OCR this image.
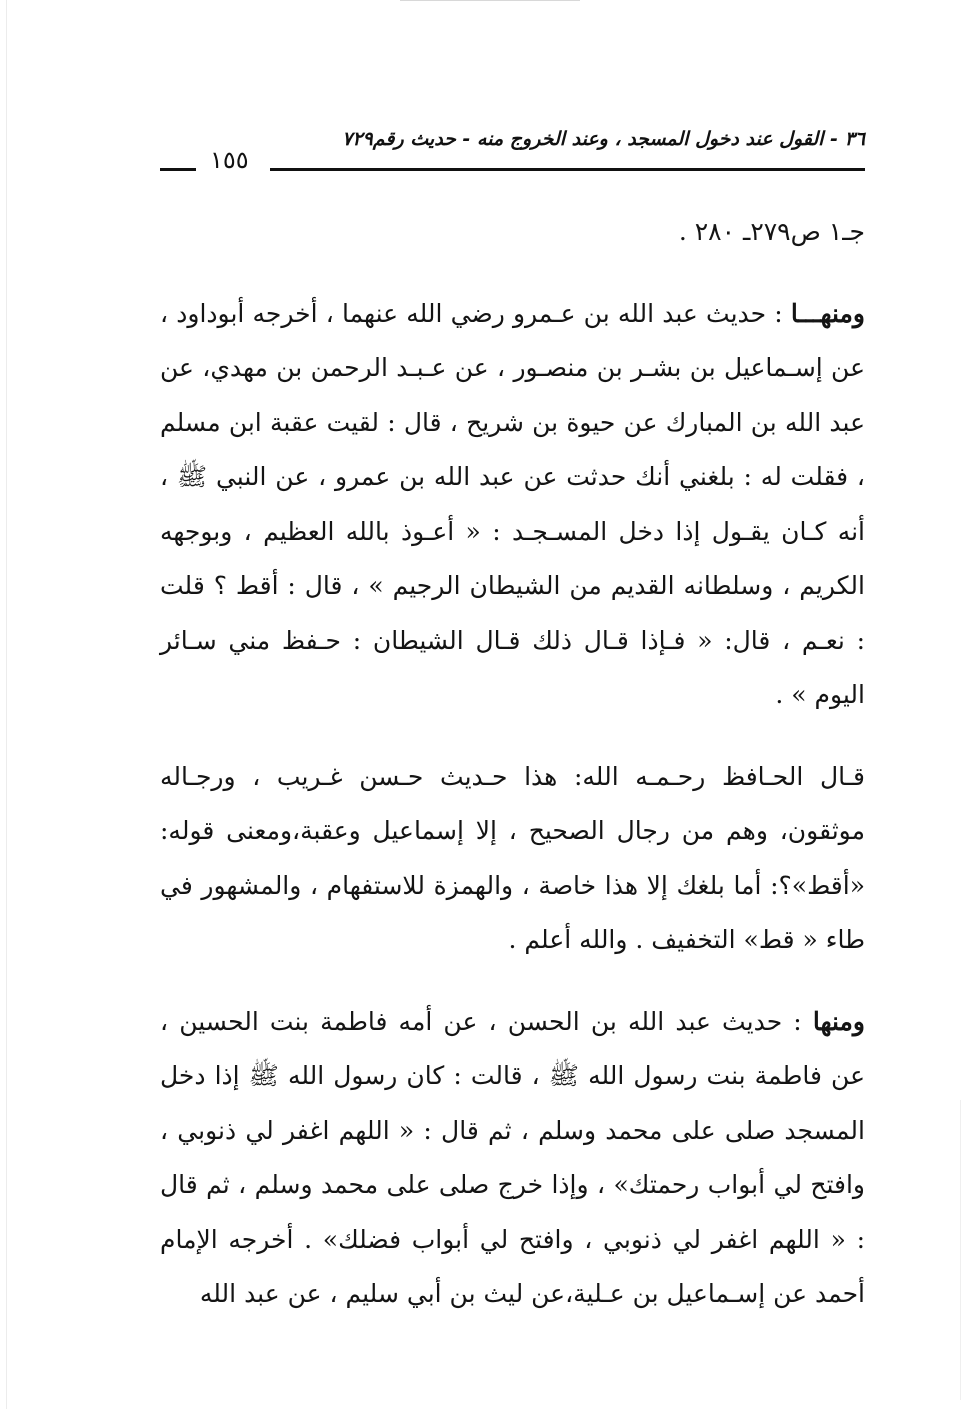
٣٦ - القول عند دخول المسجد ، وعند الخروج منه - حديث رقم٧٢٩
١٥٥

جـ١ ص٢٧٩ـ ٢٨٠ .

ومنهـــا : حديث عبد الله بن عـمرو رضي الله عنهما ، أخرجه أبوداود ، عن إسـماعيل بن بشـر بن منصـور ، عن عـبـد الرحمن بن مهدي، عن عبد الله بن المبارك عن حيوة بن شريح ، قال : لقيت عقبة ابن مسلم ، فقلت له : بلغني أنك حدثت عن عبد الله بن عمرو ، عن النبي ﷺ ، أنه كـان يقـول إذا دخل المسـجـد : « أعـوذ بالله العظيم ، وبوجهه الكريم ، وسلطانه القديم من الشيطان الرجيم » ، قال : أقط ؟ قلت : نعـم ، قال: « فـإذا قـال ذلك قـال الشيطان : حـفظ مني سـائر اليوم » .

قـال الحـافظ رحـمـه الله: هذا حـديث حـسن غـريب ، ورجـاله موثقون، وهم من رجال الصحيح ، إلا إسماعيل وعقبة،ومعنى قوله: «أقط»؟: أما بلغك إلا هذا خاصة ، والهمزة للاستفهام ، والمشهور في طاء « قط» التخفيف . والله أعلم .

ومنها : حديث عبد الله بن الحسن ، عن أمه فاطمة بنت الحسين ، عن فاطمة بنت رسول الله ﷺ ، قالت : كان رسول الله ﷺ إذا دخل المسجد صلى على محمد وسلم ، ثم قال : « اللهم اغفر لي ذنوبي ، وافتح لي أبواب رحمتك» ، وإذا خرج صلى على محمد وسلم ، ثم قال : « اللهم اغفر لي ذنوبي ، وافتح لي أبواب فضلك» . أخرجه الإمام أحمد عن إسـماعيل بن عـلية،عن ليث بن أبي سليم ، عن عبد الله
